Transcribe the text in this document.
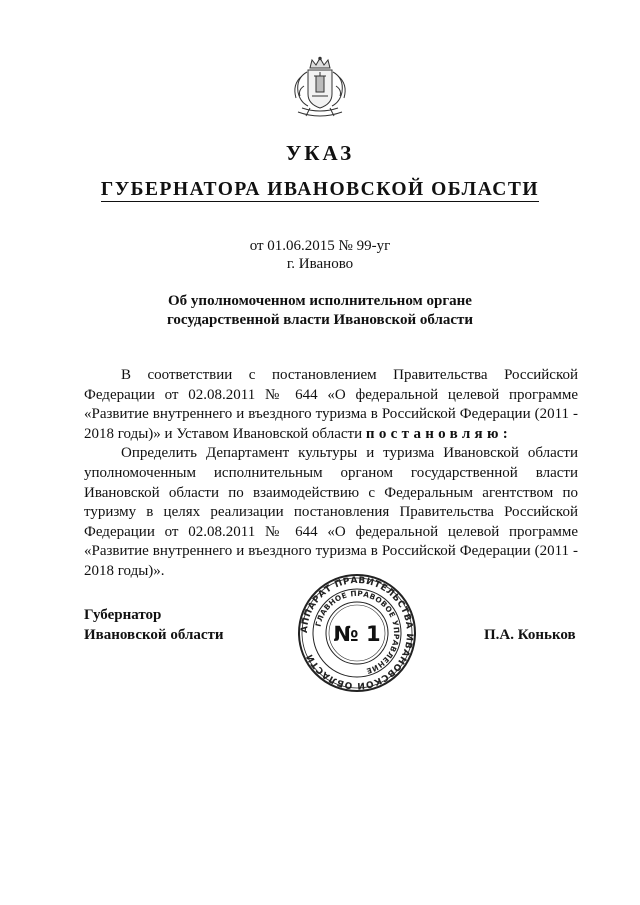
УКАЗ
ГУБЕРНАТОРА ИВАНОВСКОЙ ОБЛАСТИ
от 01.06.2015 № 99-уг
г. Иваново
Об уполномоченном исполнительном органе
государственной власти Ивановской области

В соответствии с постановлением Правительства Российской Федерации от 02.08.2011 № 644 «О федеральной целевой программе «Развитие внутреннего и въездного туризма в Российской Федерации (2011 - 2018 годы)» и Уставом Ивановской области постановляю:

Определить Департамент культуры и туризма Ивановской области уполномоченным исполнительным органом государственной власти Ивановской области по взаимодействию с Федеральным агентством по туризму в целях реализации постановления Правительства Российской Федерации от 02.08.2011 № 644 «О федеральной целевой программе «Развитие внутреннего и въездного туризма в Российской Федерации (2011 - 2018 годы)».

Губернатор
Ивановской области	АППАРАТ ПРАВИТЕЛЬСТВА ИВАНОВСКОЙ ОБЛАСТИ
ГЛАВНОЕ ПРАВОВОЕ УПРАВЛЕНИЕ
№ 1	П.А. Коньков
